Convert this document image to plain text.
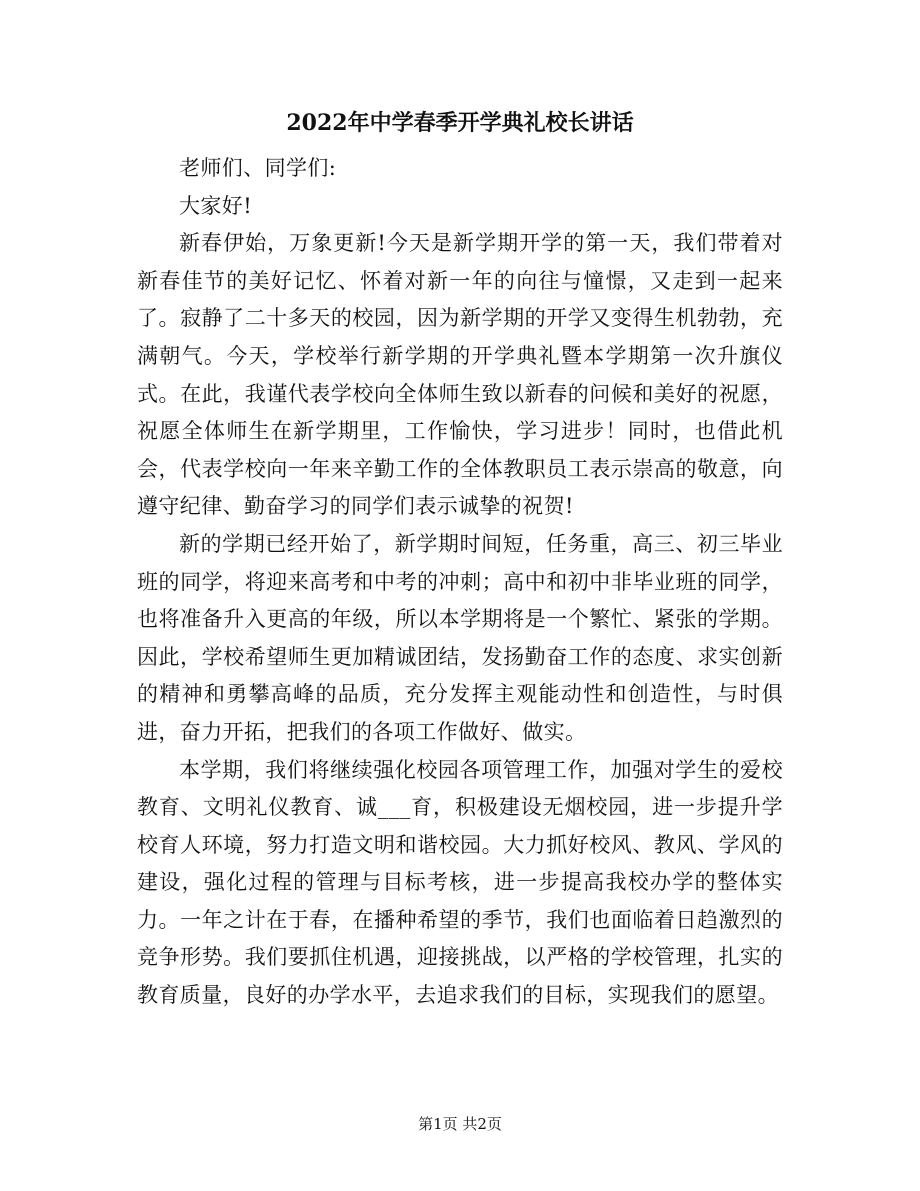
2022年中学春季开学典礼校长讲话

老师们、同学们:

大家好!

新春伊始，万象更新!今天是新学期开学的第一天，我们带着对新春佳节的美好记忆、怀着对新一年的向往与憧憬，又走到一起来了。寂静了二十多天的校园，因为新学期的开学又变得生机勃勃，充满朝气。今天，学校举行新学期的开学典礼暨本学期第一次升旗仪式。在此，我谨代表学校向全体师生致以新春的问候和美好的祝愿，祝愿全体师生在新学期里，工作愉快，学习进步！同时，也借此机会，代表学校向一年来辛勤工作的全体教职员工表示崇高的敬意，向遵守纪律、勤奋学习的同学们表示诚挚的祝贺!

新的学期已经开始了，新学期时间短，任务重，高三、初三毕业班的同学，将迎来高考和中考的冲刺；高中和初中非毕业班的同学，也将准备升入更高的年级，所以本学期将是一个繁忙、紧张的学期。因此，学校希望师生更加精诚团结，发扬勤奋工作的态度、求实创新的精神和勇攀高峰的品质，充分发挥主观能动性和创造性，与时俱进，奋力开拓，把我们的各项工作做好、做实。

本学期，我们将继续强化校园各项管理工作，加强对学生的爱校教育、文明礼仪教育、诚___育，积极建设无烟校园，进一步提升学校育人环境，努力打造文明和谐校园。大力抓好校风、教风、学风的建设，强化过程的管理与目标考核，进一步提高我校办学的整体实力。一年之计在于春，在播种希望的季节，我们也面临着日趋激烈的竞争形势。我们要抓住机遇，迎接挑战，以严格的学校管理，扎实的教育质量，良好的办学水平，去追求我们的目标，实现我们的愿望。

第1页 共2页
